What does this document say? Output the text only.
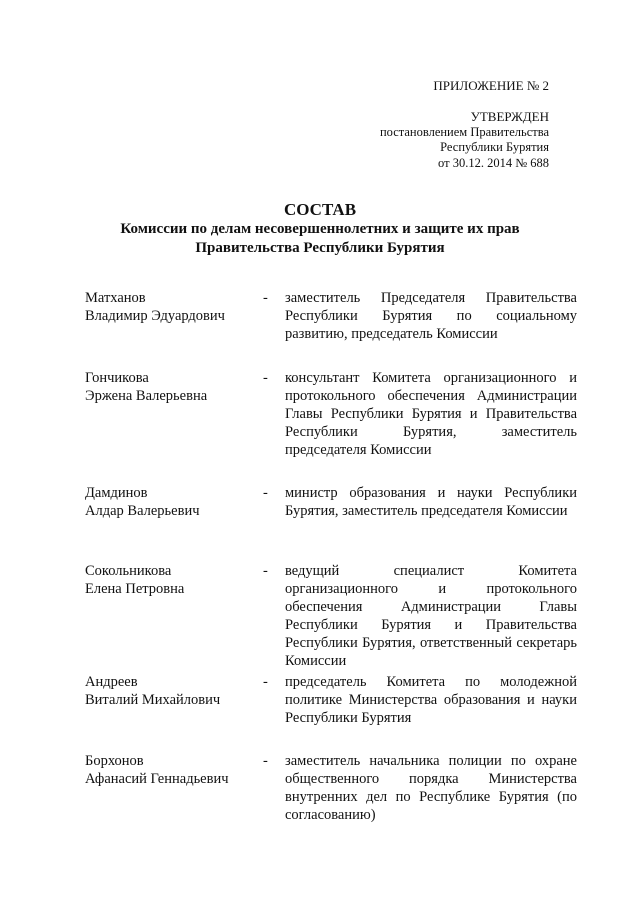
ПРИЛОЖЕНИЕ № 2
УТВЕРЖДЕН
постановлением Правительства
Республики Бурятия
от 30.12. 2014 № 688
СОСТАВ
Комиссии по делам несовершеннолетних и защите их прав
Правительства Республики Бурятия
Матханов
Владимир Эдуардович
-	заместитель Председателя Правительства Республики Бурятия по социальному развитию, председатель Комиссии
Гончикова
Эржена Валерьевна
-	консультант Комитета организационного и протокольного обеспечения Администрации Главы Республики Бурятия и Правительства Республики Бурятия, заместитель председателя Комиссии
Дамдинов
Алдар Валерьевич
-	министр образования и науки Республики Бурятия, заместитель председателя Комиссии
Сокольникова
Елена Петровна
-	ведущий специалист Комитета организационного и протокольного обеспечения Администрации Главы Республики Бурятия и Правительства Республики Бурятия, ответственный секретарь Комиссии
Андреев
Виталий Михайлович
-	председатель Комитета по молодежной политике Министерства образования и науки Республики Бурятия
Борхонов
Афанасий Геннадьевич
-	заместитель начальника полиции по охране общественного порядка Министерства внутренних дел по Республике Бурятия (по согласованию)
